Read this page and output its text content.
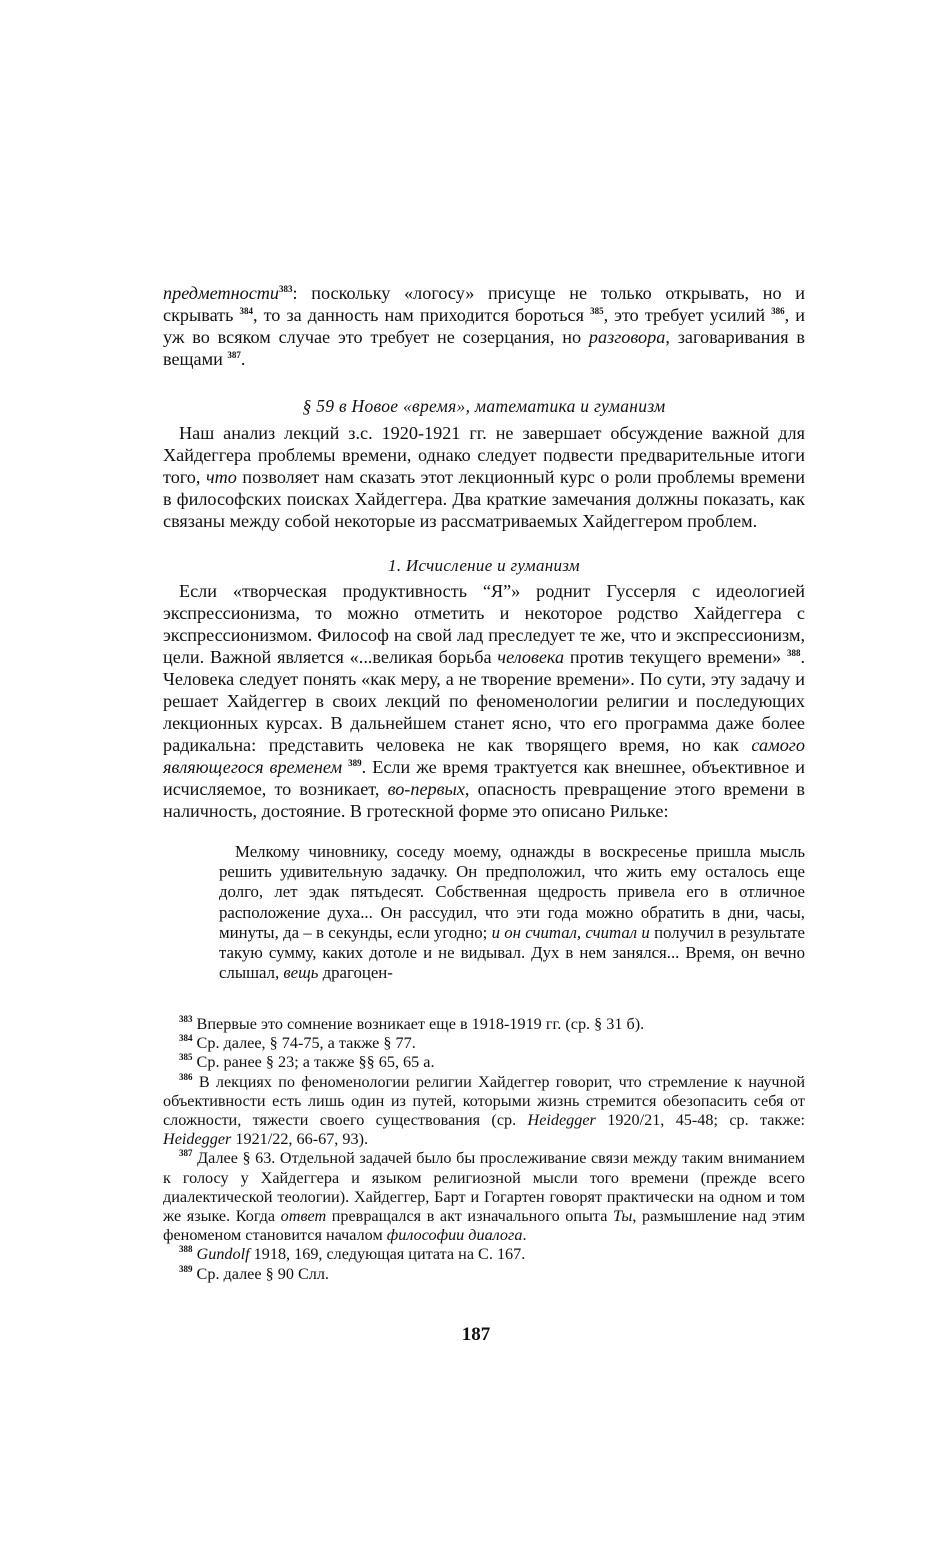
предметности$^{383}$: поскольку «логосу» присуще не только открывать, но и скрывать $^{384}$, то за данность нам приходится бороться $^{385}$, это требует усилий $^{386}$, и уж во всяком случае это требует не созерцания, но разговора, заговаривания в вещами $^{387}$.

§ 59 в Новое «время», математика и гуманизм

Наш анализ лекций з.с. 1920-1921 гг. не завершает обсуждение важной для Хайдеггера проблемы времени, однако следует подвести предварительные итоги того, что позволяет нам сказать этот лекционный курс о роли проблемы времени в философских поисках Хайдеггера. Два краткие замечания должны показать, как связаны между собой некоторые из рассматриваемых Хайдеггером проблем.

1. Исчисление и гуманизм

Если «творческая продуктивность “Я”» роднит Гуссерля с идеологией экспрессионизма, то можно отметить и некоторое родство Хайдеггера с экспрессионизмом. Философ на свой лад преследует те же, что и экспрессионизм, цели. Важной является «...великая борьба человека против текущего времени» $^{388}$. Человека следует понять «как меру, а не творение времени». По сути, эту задачу и решает Хайдеггер в своих лекций по феноменологии религии и последующих лекционных курсах. В дальнейшем станет ясно, что его программа даже более радикальна: представить человека не как творящего время, но как самого являющегося временем $^{389}$. Если же время трактуется как внешнее, объективное и исчисляемое, то возникает, во-первых, опасность превращение этого времени в наличность, достояние. В гротескной форме это описано Рильке:

Мелкому чиновнику, соседу моему, однажды в воскресенье пришла мысль решить удивительную задачку. Он предположил, что жить ему осталось еще долго, лет эдак пятьдесят. Собственная щедрость привела его в отличное расположение духа... Он рассудил, что эти года можно обратить в дни, часы, минуты, да – в секунды, если угодно; и он считал, считал и получил в результате такую сумму, каких дотоле и не видывал. Дух в нем занялся... Время, он вечно слышал, вещь драгоцен-

$^{383}$ Впервые это сомнение возникает еще в 1918-1919 гг. (ср. § 31 б).

$^{384}$ Ср. далее, § 74-75, а также § 77.

$^{385}$ Ср. ранее § 23; а также §§ 65, 65 а.

$^{386}$ В лекциях по феноменологии религии Хайдеггер говорит, что стремление к научной объективности есть лишь один из путей, которыми жизнь стремится обезопасить себя от сложности, тяжести своего существования (ср. Heidegger 1920/21, 45-48; ср. также: Heidegger 1921/22, 66-67, 93).

$^{387}$ Далее § 63. Отдельной задачей было бы прослеживание связи между таким вниманием к голосу у Хайдеггера и языком религиозной мысли того времени (прежде всего диалектической теологии). Хайдеггер, Барт и Гогартен говорят практически на одном и том же языке. Когда ответ превращался в акт изначального опыта Ты, размышление над этим феноменом становится началом философии диалога.

$^{388}$ Gundolf 1918, 169, следующая цитата на С. 167.

$^{389}$ Ср. далее § 90 Слл.

187
